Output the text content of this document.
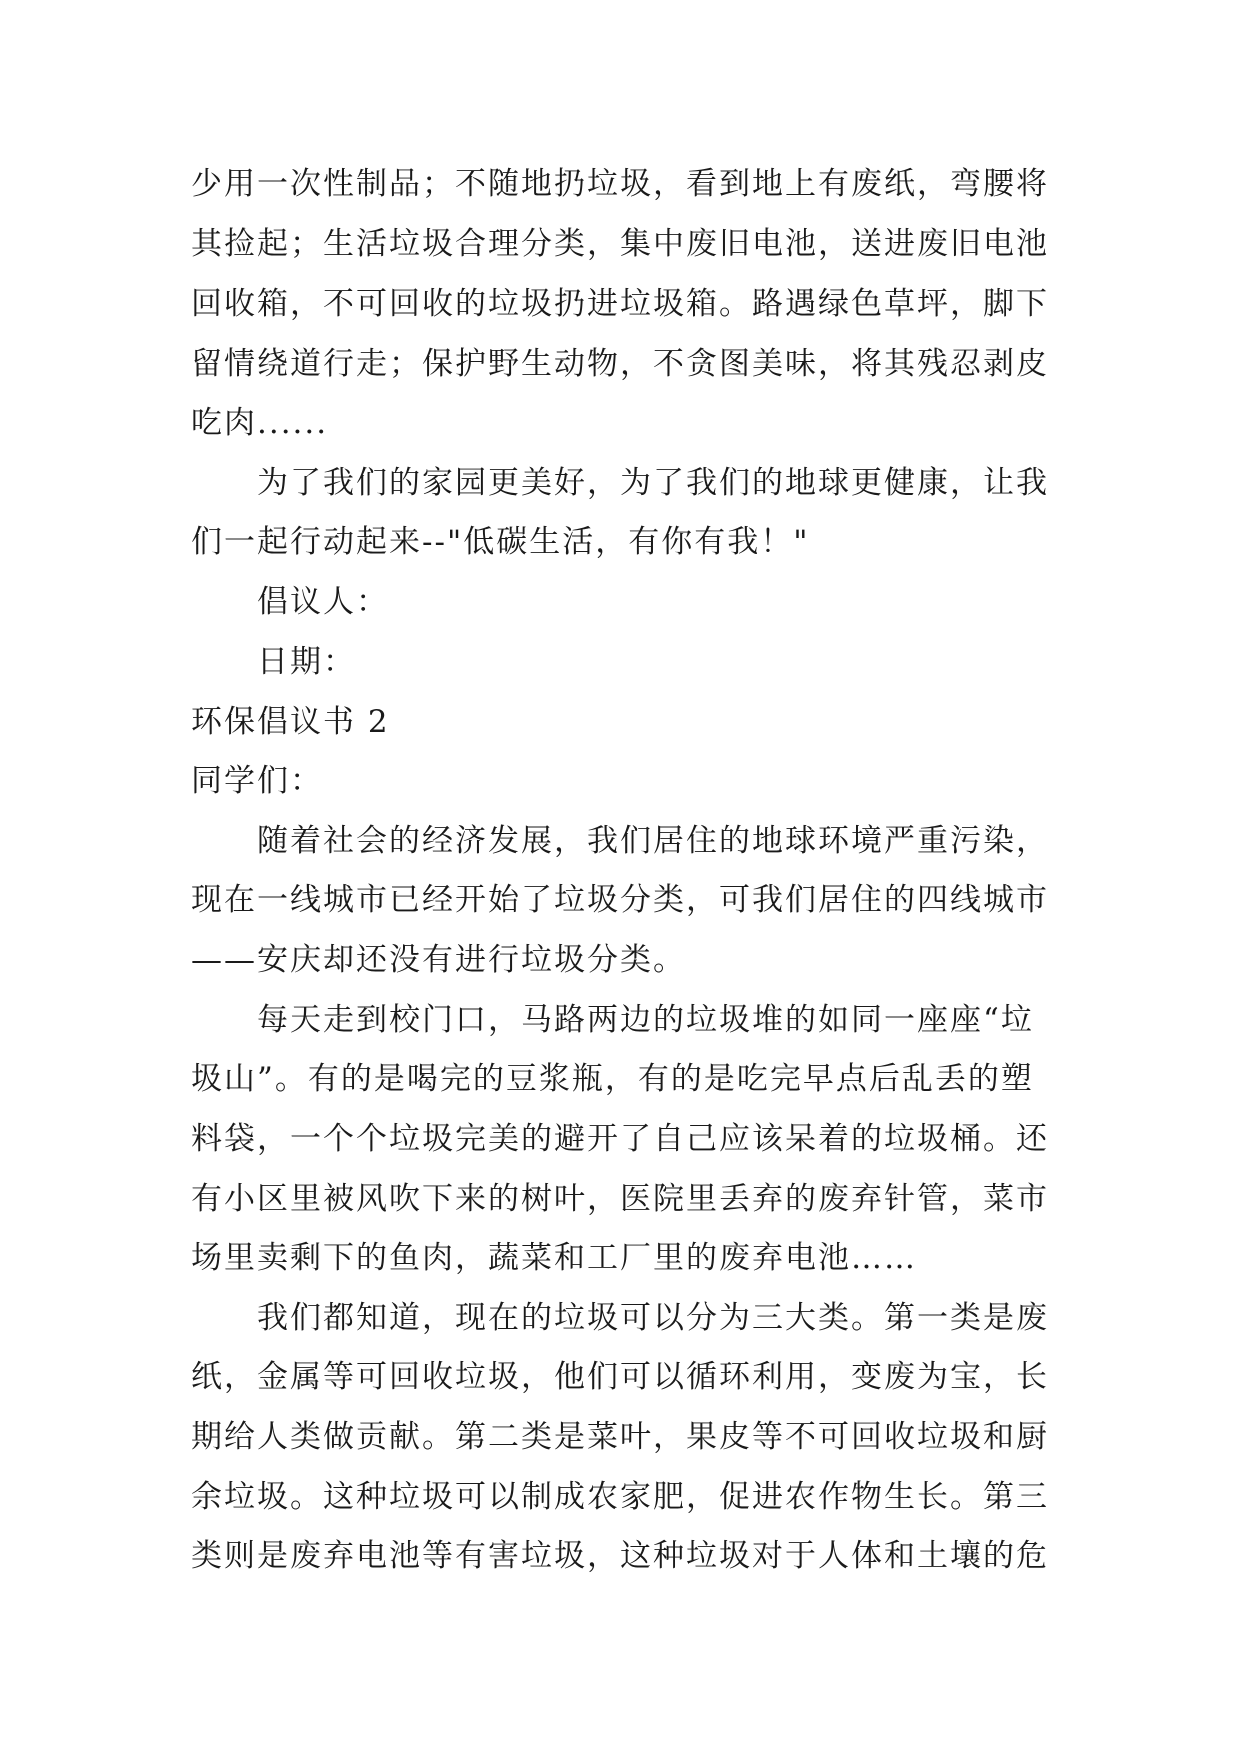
少用一次性制品；不随地扔垃圾，看到地上有废纸，弯腰将
其捡起；生活垃圾合理分类，集中废旧电池，送进废旧电池
回收箱，不可回收的垃圾扔进垃圾箱。路遇绿色草坪，脚下
留情绕道行走；保护野生动物，不贪图美味，将其残忍剥皮
吃肉......
为了我们的家园更美好，为了我们的地球更健康，让我
们一起行动起来--"低碳生活，有你有我！"
倡议人：
日期：
环保倡议书 2
同学们：
随着社会的经济发展，我们居住的地球环境严重污染，
现在一线城市已经开始了垃圾分类，可我们居住的四线城市
——安庆却还没有进行垃圾分类。
每天走到校门口，马路两边的垃圾堆的如同一座座“垃
圾山”。有的是喝完的豆浆瓶，有的是吃完早点后乱丢的塑
料袋，一个个垃圾完美的避开了自己应该呆着的垃圾桶。还
有小区里被风吹下来的树叶，医院里丢弃的废弃针管，菜市
场里卖剩下的鱼肉，蔬菜和工厂里的废弃电池……
我们都知道，现在的垃圾可以分为三大类。第一类是废
纸，金属等可回收垃圾，他们可以循环利用，变废为宝，长
期给人类做贡献。第二类是菜叶，果皮等不可回收垃圾和厨
余垃圾。这种垃圾可以制成农家肥，促进农作物生长。第三
类则是废弃电池等有害垃圾，这种垃圾对于人体和土壤的危
